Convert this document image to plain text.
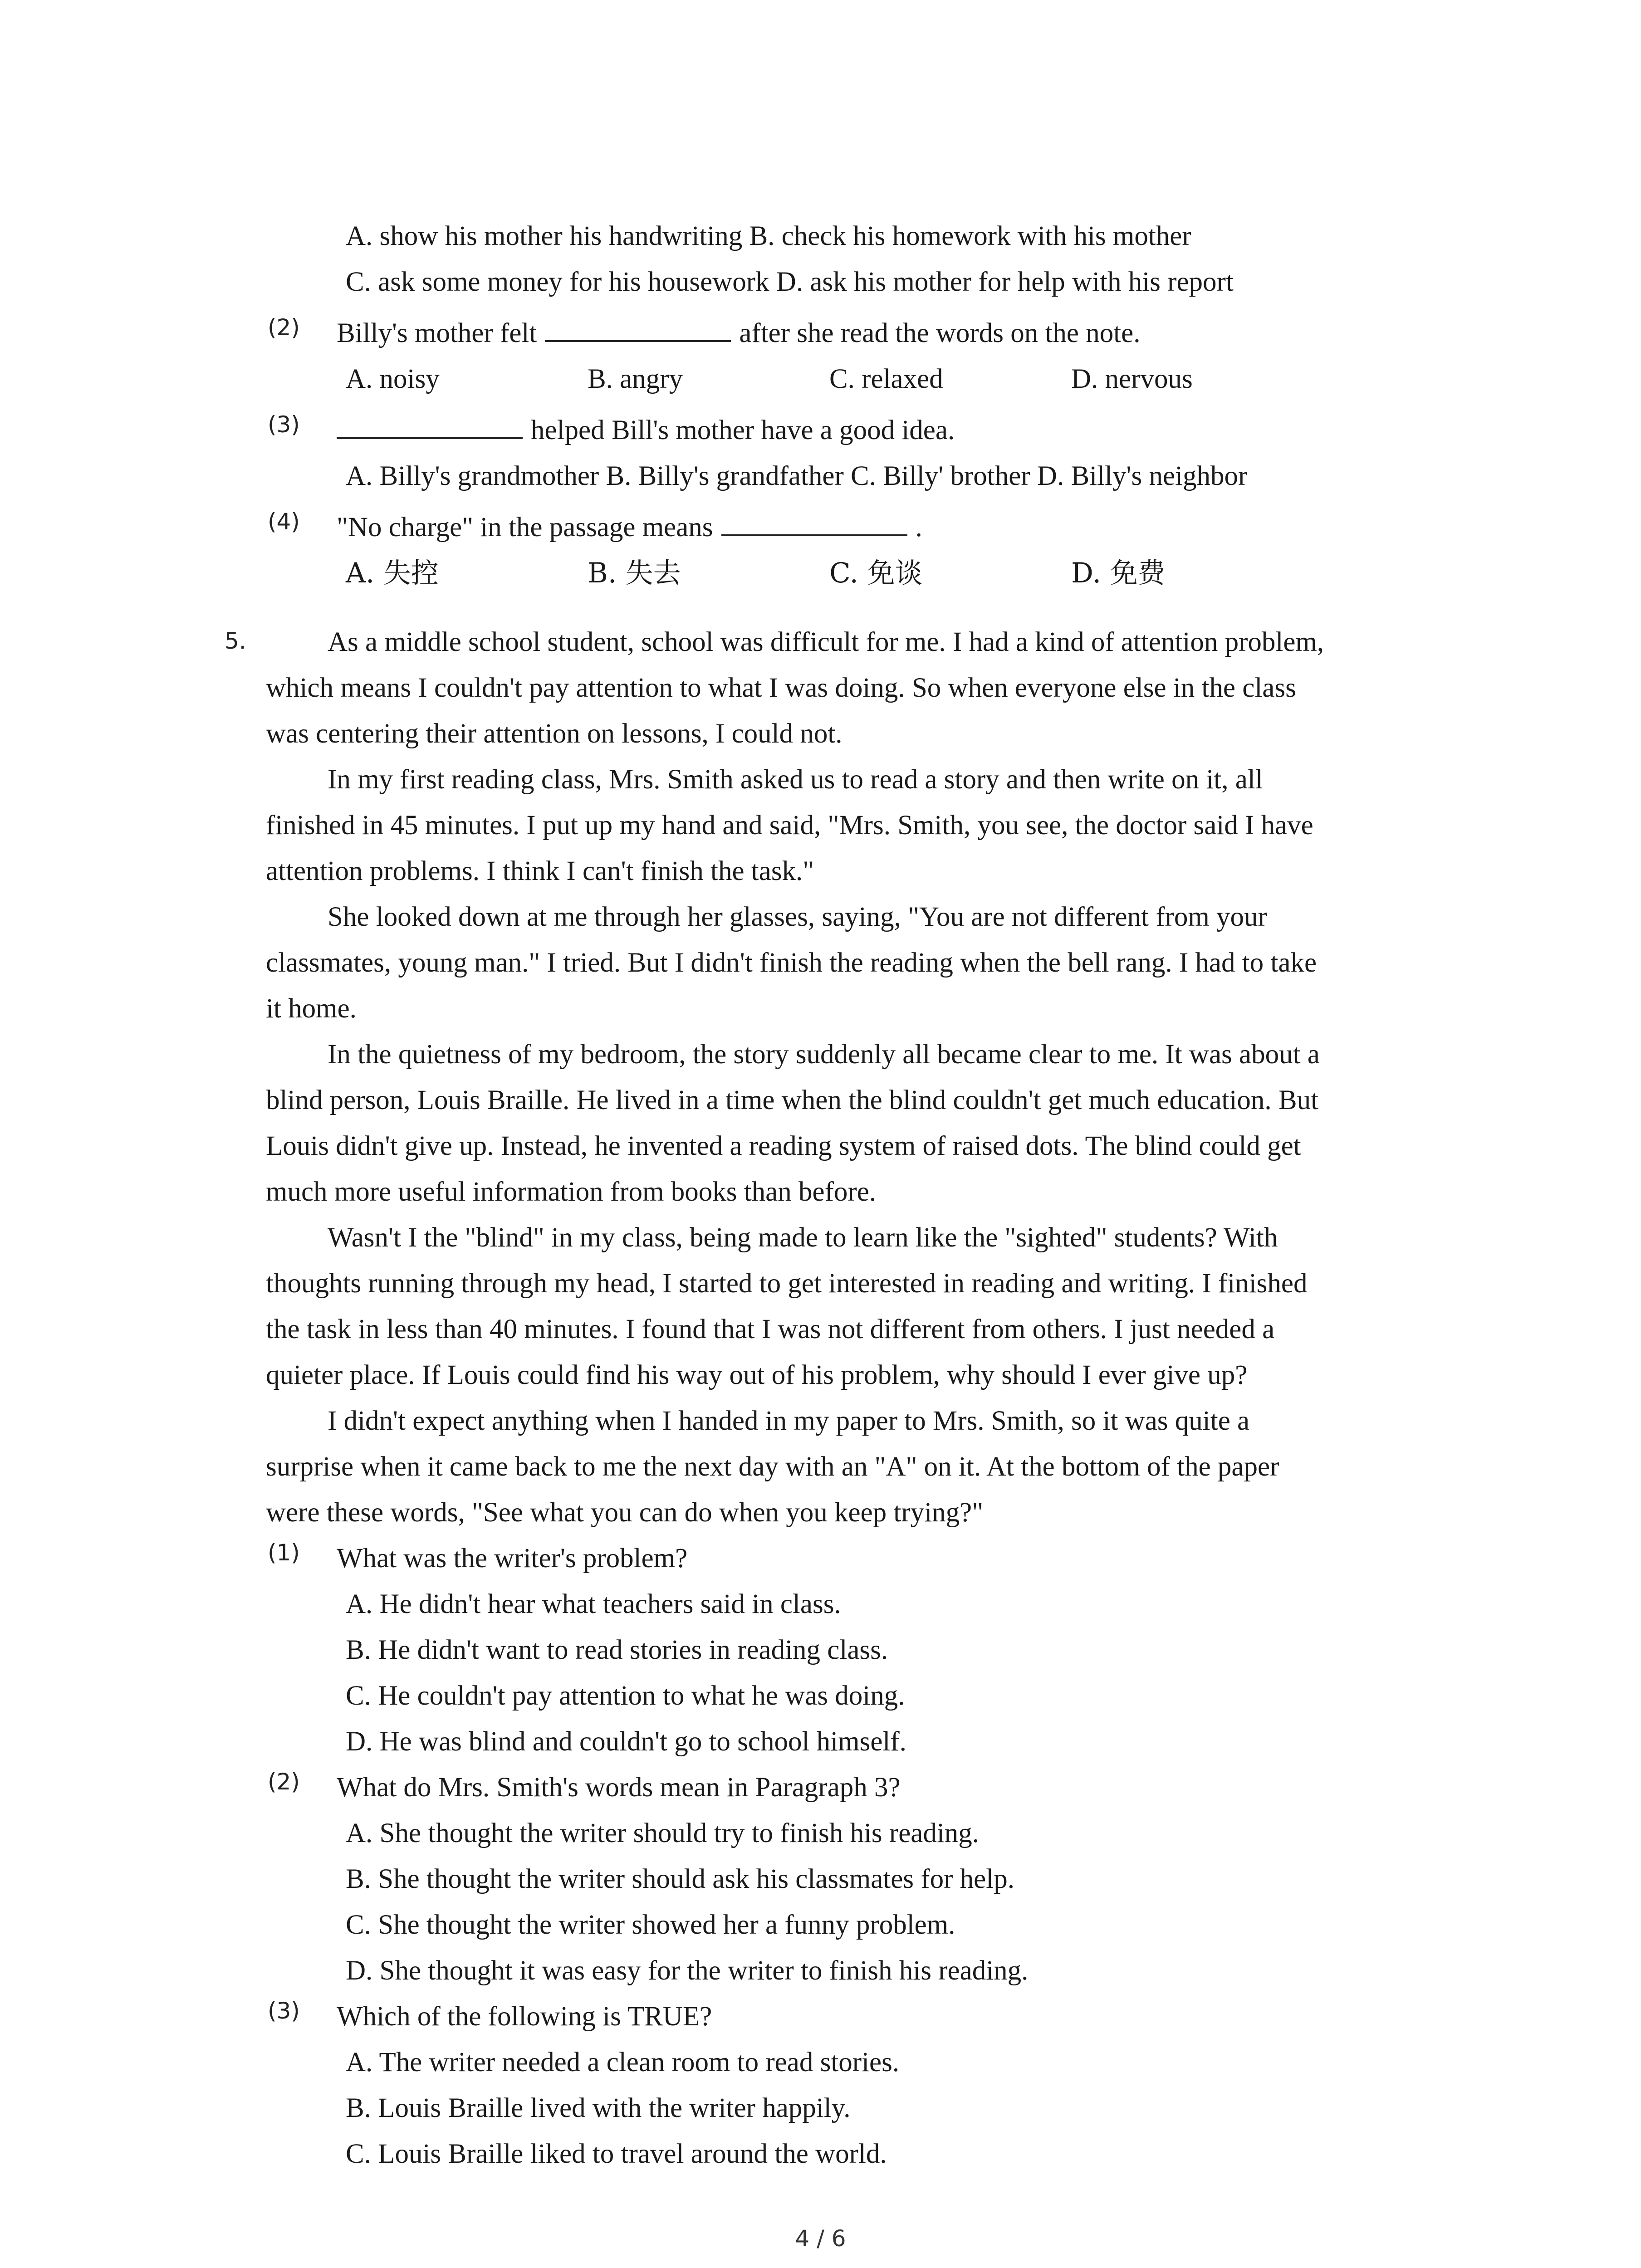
A. show his mother his handwriting B. check his homework with his mother
C. ask some money for his housework D. ask his mother for help with his report
(2) Billy's mother felt	after she read the words on the note.
A. noisy	B. angry	C. relaxed	D. nervous
(3)	helped Bill's mother have a good idea.
A. Billy's grandmother B. Billy's grandfather C. Billy' brother D. Billy's neighbor
(4) "No charge" in the passage means	.
A. 失控	B. 失去	C. 免谈	D. 免费
5.	As a middle school student, school was difficult for me. I had a kind of attention problem,
which means I couldn't pay attention to what I was doing. So when everyone else in the class
was centering their attention on lessons, I could not.
In my first reading class, Mrs. Smith asked us to read a story and then write on it, all
finished in 45 minutes. I put up my hand and said, "Mrs. Smith, you see, the doctor said I have
attention problems. I think I can't finish the task."
She looked down at me through her glasses, saying, "You are not different from your
classmates, young man." I tried. But I didn't finish the reading when the bell rang. I had to take
it home.
In the quietness of my bedroom, the story suddenly all became clear to me. It was about a
blind person, Louis Braille. He lived in a time when the blind couldn't get much education. But
Louis didn't give up. Instead, he invented a reading system of raised dots. The blind could get
much more useful information from books than before.
Wasn't I the "blind" in my class, being made to learn like the "sighted" students? With
thoughts running through my head, I started to get interested in reading and writing. I finished
the task in less than 40 minutes. I found that I was not different from others. I just needed a
quieter place. If Louis could find his way out of his problem, why should I ever give up?
I didn't expect anything when I handed in my paper to Mrs. Smith, so it was quite a
surprise when it came back to me the next day with an "A" on it. At the bottom of the paper
were these words, "See what you can do when you keep trying?"
(1) What was the writer's problem?
A. He didn't hear what teachers said in class.
B. He didn't want to read stories in reading class.
C. He couldn't pay attention to what he was doing.
D. He was blind and couldn't go to school himself.
(2) What do Mrs. Smith's words mean in Paragraph 3?
A. She thought the writer should try to finish his reading.
B. She thought the writer should ask his classmates for help.
C. She thought the writer showed her a funny problem.
D. She thought it was easy for the writer to finish his reading.
(3) Which of the following is TRUE?
A. The writer needed a clean room to read stories.
B. Louis Braille lived with the writer happily.
C. Louis Braille liked to travel around the world.
4 / 6
